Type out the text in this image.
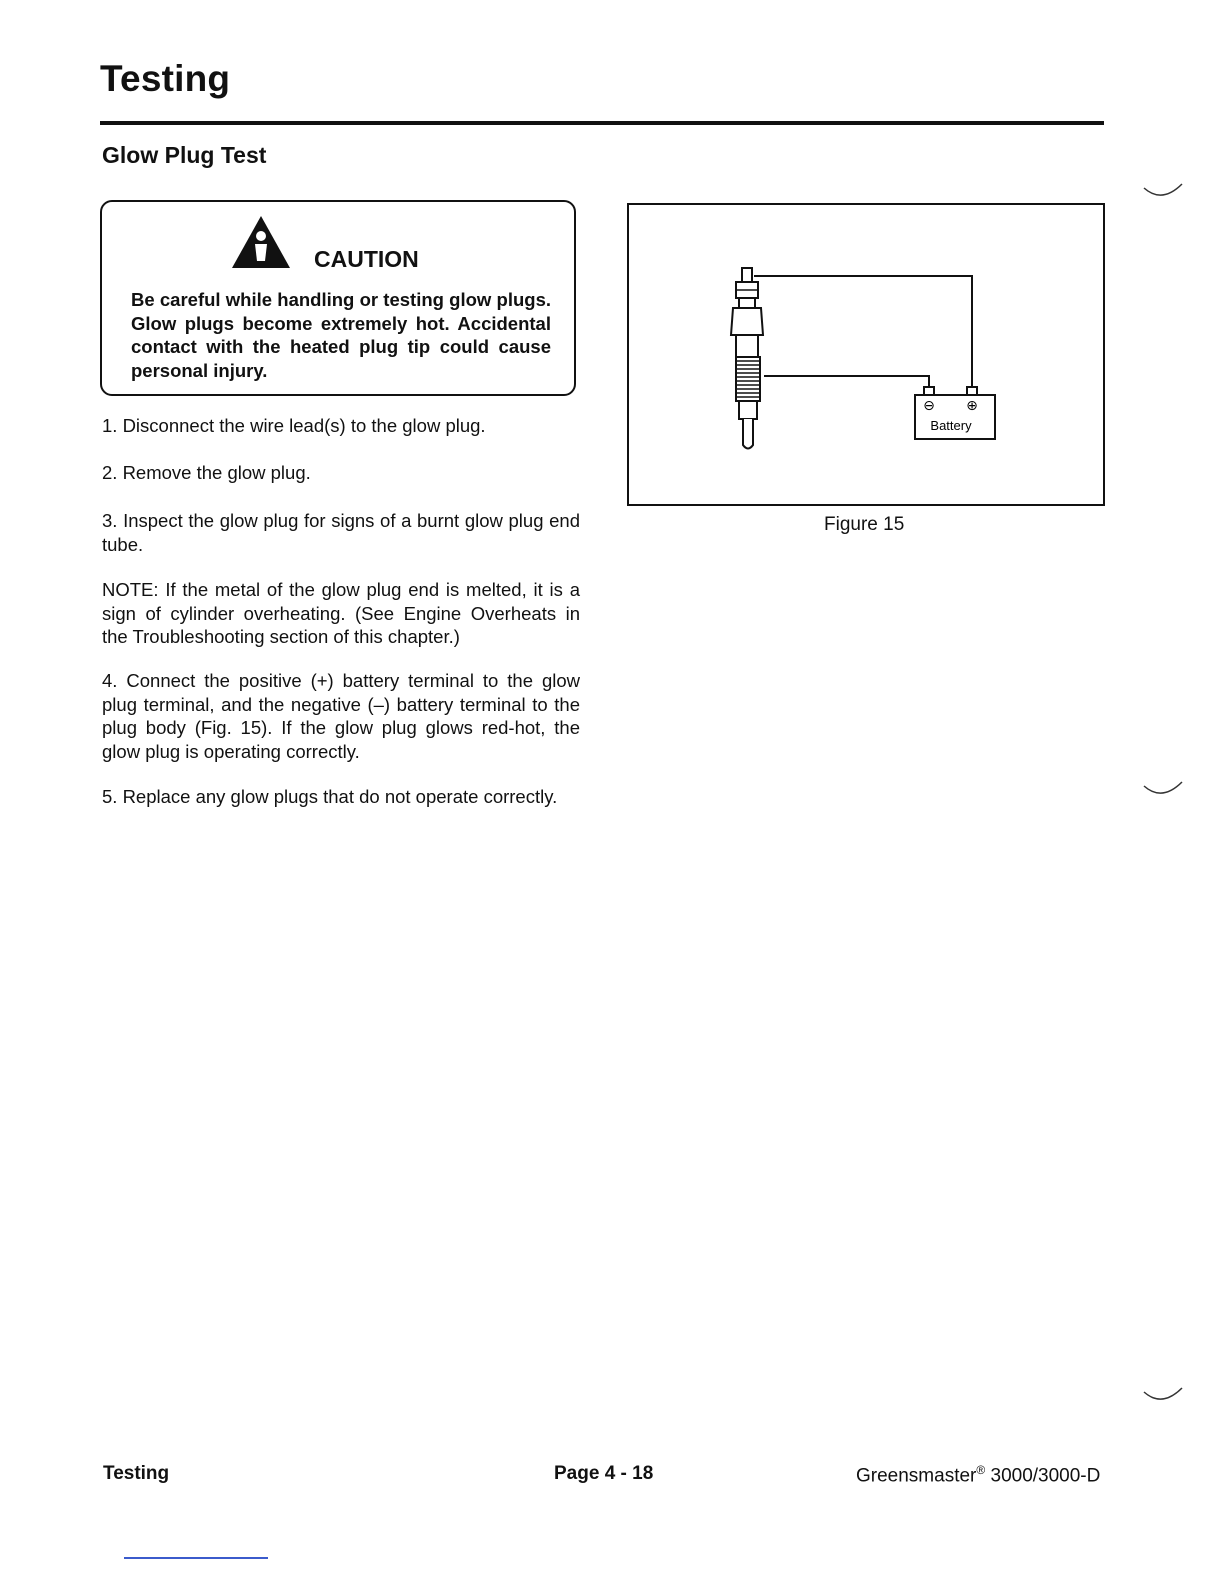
Testing
Glow Plug Test
CAUTION
Be careful while handling or testing glow plugs. Glow plugs become extremely hot. Accidental contact with the heated plug tip could cause personal injury.
1. Disconnect the wire lead(s) to the glow plug.
2. Remove the glow plug.
3. Inspect the glow plug for signs of a burnt glow plug end tube.
NOTE: If the metal of the glow plug end is melted, it is a sign of cylinder overheating. (See Engine Overheats in the Troubleshooting section of this chapter.)
4. Connect the positive (+) battery terminal to the glow plug terminal, and the negative (–) battery terminal to the plug body (Fig. 15). If the glow plug glows red-hot, the glow plug is operating correctly.
5. Replace any glow plugs that do not operate correctly.
⊖ ⊕
Battery
Figure 15
Testing	Page 4 - 18	Greensmaster® 3000/3000-D
